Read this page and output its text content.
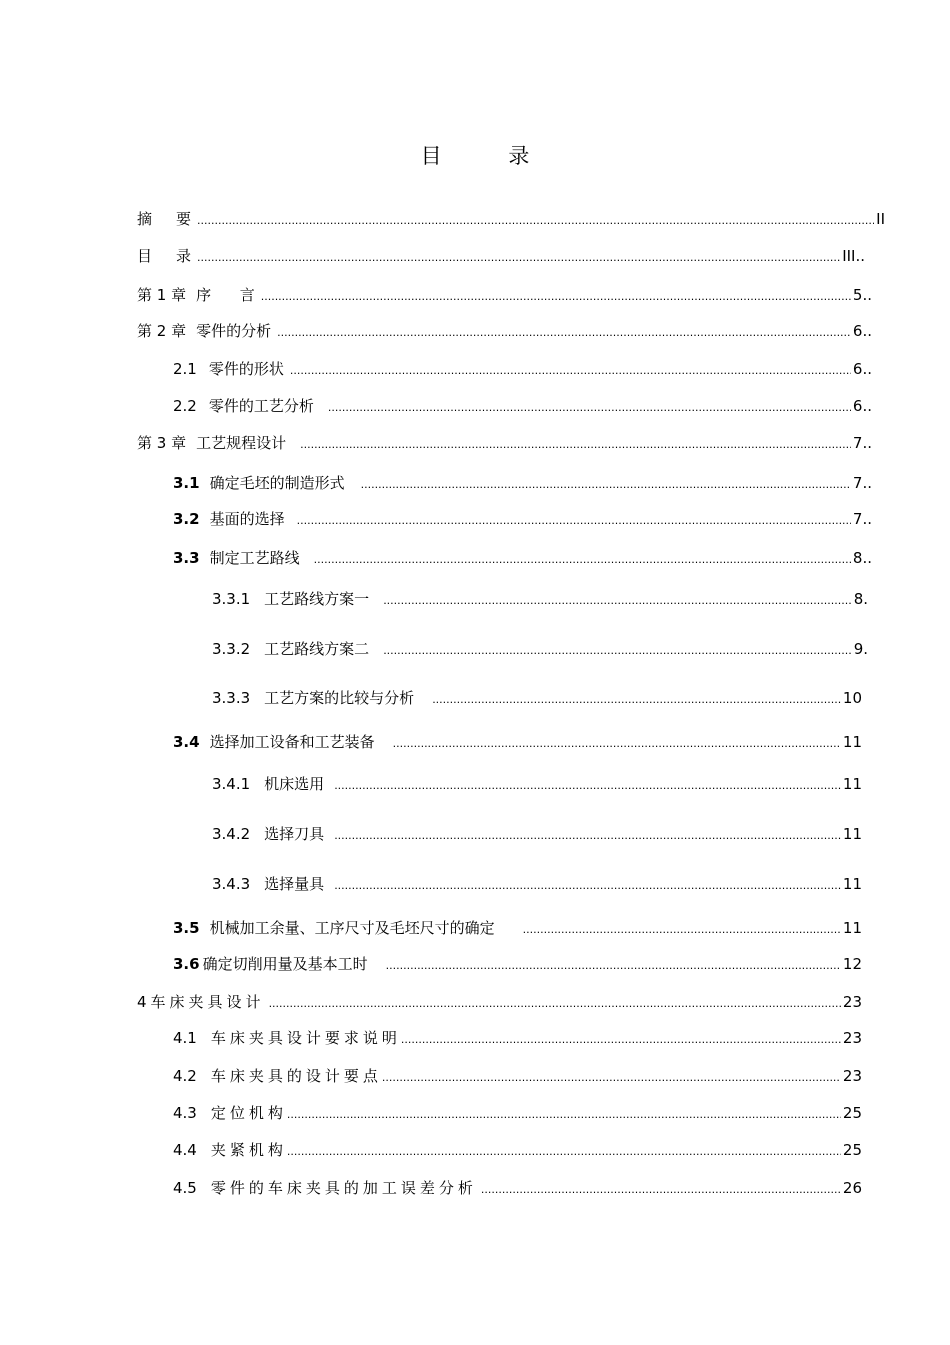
目 录
摘 要 .....	II
目 录 .....	III..
第 1 章 序      言 .....	5..
第 2 章 零件的分析 .....	6..
2.1 零件的形状 .....	6..
2.2 零件的工艺分析 .....	6..
第 3 章 工艺规程设计 .....	7..
3.1 确定毛坯的制造形式 .....	7..
3.2 基面的选择 .....	7..
3.3 制定工艺路线 .....	8..
3.3.1 工艺路线方案一 .....	8.
3.3.2 工艺路线方案二 .....	9.
3.3.3 工艺方案的比较与分析 .....	10
3.4 选择加工设备和工艺装备 .....	11
3.4.1 机床选用 .....	11
3.4.2 选择刀具 .....	11
3.4.3 选择量具 .....	11
3.5 机械加工余量、工序尺寸及毛坯尺寸的确定 .....	11
3.6 确定切削用量及基本工时 .....	12
4 车床夹具设计 .....	23
4.1 车床夹具设计要求说明 .....	23
4.2 车床夹具的设计要点 .....	23
4.3 定位机构 .....	25
4.4 夹紧机构 .....	25
4.5 零件的车床夹具的加工误差分析 .....	26
